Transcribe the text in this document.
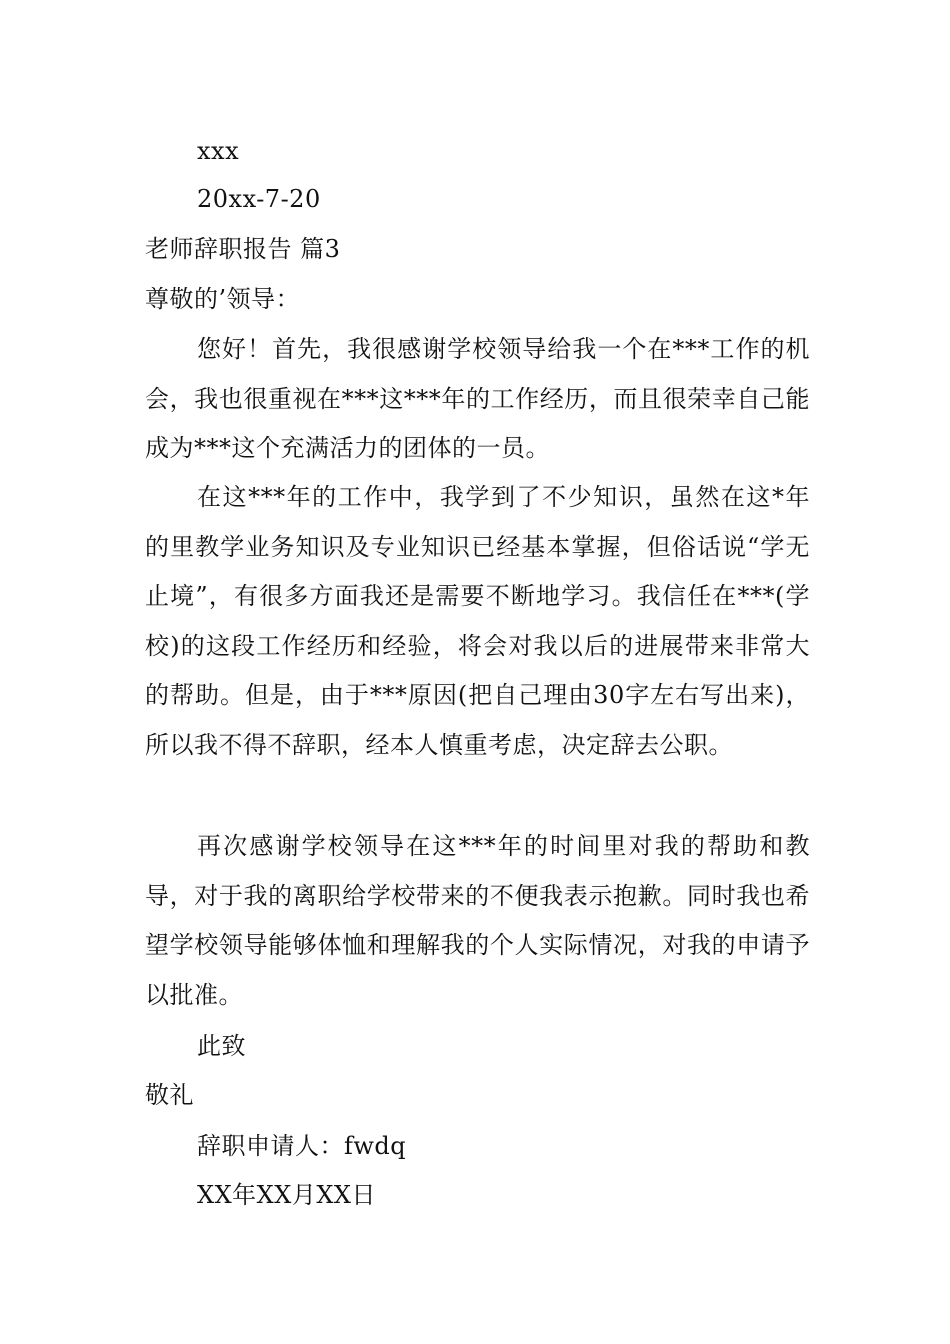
xxx
20xx-7-20
老师辞职报告 篇3
尊敬的’领导：

您好！首先，我很感谢学校领导给我一个在***工作的机会，我也很重视在***这***年的工作经历，而且很荣幸自己能成为***这个充满活力的团体的一员。

在这***年的工作中，我学到了不少知识，虽然在这*年的里教学业务知识及专业知识已经基本掌握，但俗话说“学无止境”，有很多方面我还是需要不断地学习。我信任在***(学校)的这段工作经历和经验，将会对我以后的进展带来非常大的帮助。但是，由于***原因(把自己理由30字左右写出来)，所以我不得不辞职，经本人慎重考虑，决定辞去公职。

再次感谢学校领导在这***年的时间里对我的帮助和教导，对于我的离职给学校带来的不便我表示抱歉。同时我也希望学校领导能够体恤和理解我的个人实际情况，对我的申请予以批准。

此致
敬礼
辞职申请人：fwdq
XX年XX月XX日
